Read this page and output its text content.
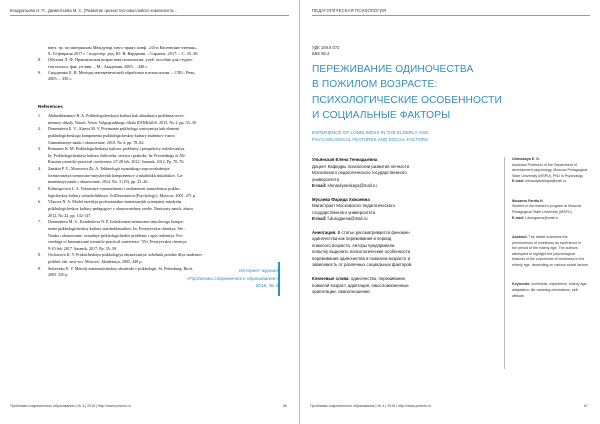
Кондратьева Н. П., Дементьева М. С. (Развитие ценностно-смыслового компонента...
науч. тр. по материалам Междунар. науч.-практ. конф. «33-и Евсеевские чтения»,
9–10 февраля 2017 г. / подготор. ред. Ю. В. Варданян. – Саранск, 2017. – С. 35–39.
8.	Обухова Л. Ф. Практическая возрастная психология: учеб. пособие для студен-
тов психол. фак. уч-ния. – М.: Академия, 2005. – 448 с.
9.	Сидоренко Е. В. Методы математической обработки в психологии. – СПб.: Речь,
2005. – 350 с.
References
1.	Abdurakhmanov R. A. Psikhologicheskaya kultura kak aktualnaya problema sovre-
mennoy shkoly. Nauch. Vestn. Volgogradskogo filiala RANKhiGS. 2015, No 2, pp. 35–39.
2.	Dementieva E. V., Alaeva M. V. Povimanie psikhologo sostoyaniya kak element
psikhologicheskogo komponenta psikhologicheskoy kultury studentov vuzov.
Gumanitarnye nauki i obrazovanie. 2010, No 4, pp. 78–82.
3.	Romanov K. M. Psikhologicheskaya kultura: problemy i perspektivy issledovaniya.
In: Psikhologicheskaya kultura cheloveka: teoriya i praktika. In: Proceedings of All-
Russian scientific-practical conference, 27-28 feb. 2012. Saransk, 2012. Pp. 70–76.
4.	Zamkin P. V., Morozova Zh. A. Tekhnologii tsyaniskogo soprovozhdeniya
formirovaniya tsennostno-smyslovykh komponentov u mladshikh shkolnikov. Gu-
manitarnye nauki i obrazovanie. 2014. No. 3 (19), pp. 23–26.
5.	Kolmogorova L. S. Vozrastnye vozmozhnosti i osobennosti stanovleniya psikho-
logicheskoy kultury uchashchikhsya. SciDissertation (Psychology). Moscow, 2001. 471 p.
6.	Vlasova N. A. Model razvitiya professionalno-tsennostnykh orientatsiy mladysha
psikhologicheskoy kultury pedagogovi v obrazovatelnoy sredie. Nastoyaty nauch. zhurn.
2012, No 22, pp. 142-147.
7.	Dementieva M. S., Kondratieva N. P. Issledovanie tsennostno-smyslovogo kompo-
nenta psikhologicheskoy kultury starsheklassnikov. In: Evseryevskie chteniya. Ser.:
Nauka i obrazovanie: actualnye psikhologicheskie problemy i opyt resheniya. Pro-
ceedings of International scientific-practical conference "35-i Evseryevskie chteniya,
9-10 feb. 2017. Saransk, 2017. Pp. 35–39.
8.	Orchazova K. V. Prakticheskaya psikhologiya obrazovaniya: uchebnik posobie dlya studentov
psikhol. fak. univ-tov. Moscow: Akademiya, 2005. 448 p.
9.	Sidorenko E. V. Metody matematicheskoy obrabotki v psikhologii. St. Petersburg: Rech,
2005. 350 p.
Интернет-журнал
«Проблемы современного образования»
2018, № 4
Проблемы современного образования | № 4 | 2018 | http://www.pmedu.ru	86
ПЕДАГОГИЧЕСКАЯ ПСИХОЛОГИЯ
УДК 159.9.072
ББК 88.4
ПЕРЕЖИВАНИЕ ОДИНОЧЕСТВА
В ПОЖИЛОМ ВОЗРАСТЕ:
ПСИХОЛОГИЧЕСКИЕ ОСОБЕННОСТИ
И СОЦИАЛЬНЫЕ ФАКТОРЫ
EXPERIENCE OF LONELINESS IN THE ELDERLY AGE:
PSYCHOLOGICAL FEATURES AND SOCIAL FACTORS
Ульянская Елена Геннадьевна
Доцент Кафедры психологии развития личности
Московского педагогического государственного
университета
E-mail: elenaulyanskaya@mail.ru
Мусаева Фарида Хожаевна
Магистрант Московского педагогического
государственного университета
E-mail: f.durugaeva@mail.ru
Аннотация. В статье рассматривается феномен
одиночества как переживания в период
пожилого возраста. Авторы предприняли
попытку выделить психологические особенности
переживания одиночества в пожилом возрасте и
зависимость от различных социальных факторов.
Ключевые слова: одиночество, переживание,
пожилой возраст, адаптация, смысложизненные
ориентации, самоотношение.
Ulianskaya E. G.
Assistant Professor of the Department of
development psychology, Moscow Pedagogical
State University (MSPU), PhD in Psychology
E-mail: elenaulyanskaya@mail.ru
Musaeva Farida H.
Student in the master's program at Moscow
Pedagogical State University (MSPU)
E-mail: f.durugaeva@mail.ru
Abstract. The article examines the
phenomenon of loneliness as experience in
the period of the elderly age. The authors
attempted to highlight the psychological
features of the experience of loneliness in the
elderly age, depending on various social factors.
Keywords: loneliness, experience, elderly age,
adaptation, life-meaning orientations, self-
attitude.
Проблемы современного образования | № 4 | 2018 | http://www.pmedu.ru	87
